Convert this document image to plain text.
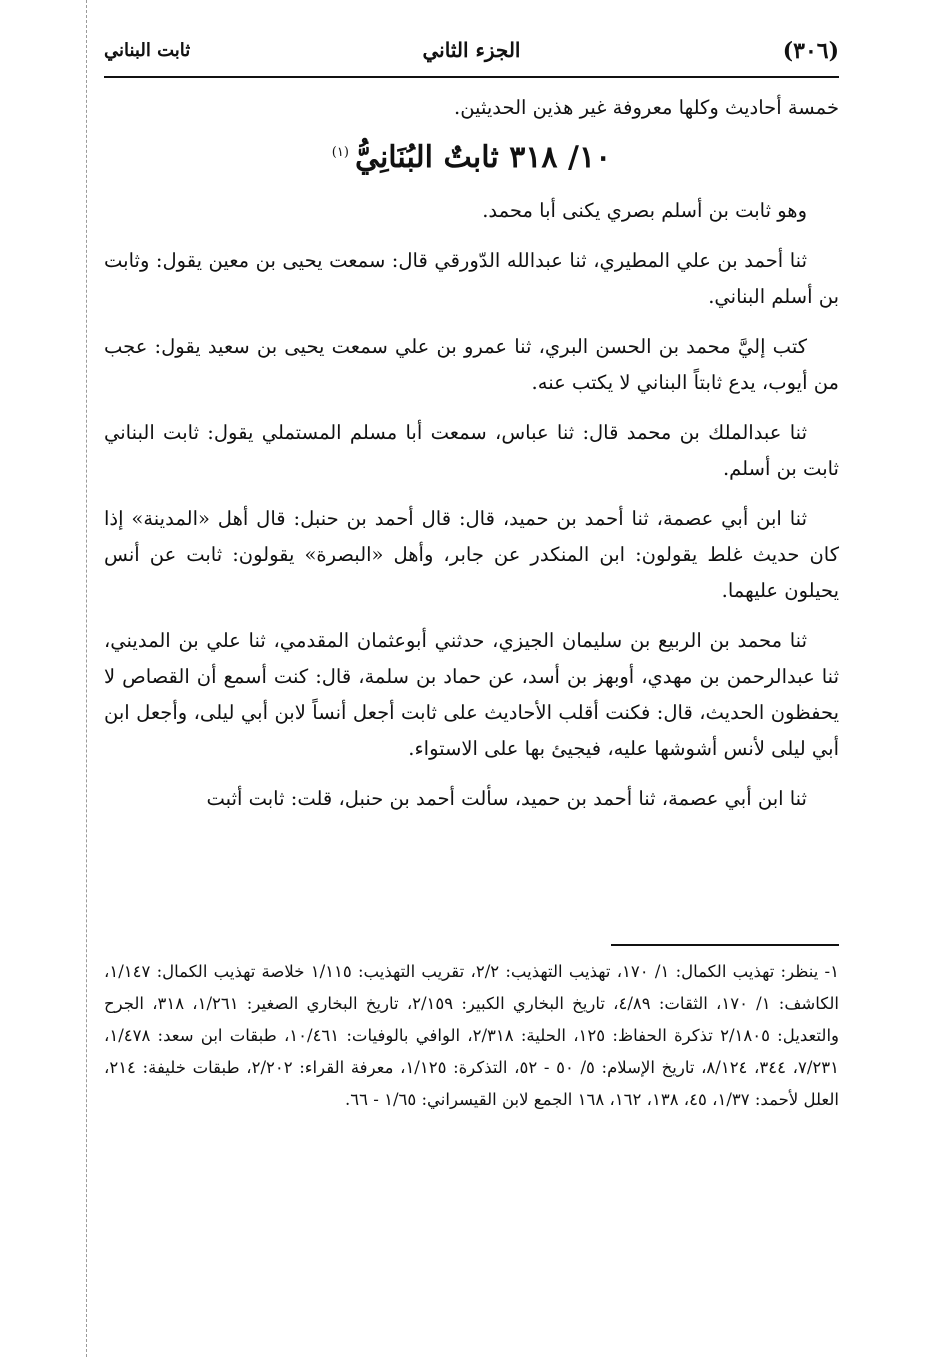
(٣٠٦)
الجزء الثاني
ثابت البناني

خمسة أحاديث وكلها معروفة غير هذين الحديثين.

١٠/ ٣١٨ ثابتٌ البُنَانِيُّ$^{(١)}$

وهو ثابت بن أسلم بصري يكنى أبا محمد.

ثنا أحمد بن علي المطيري، ثنا عبدالله الدّورقي قال: سمعت يحيى بن معين يقول: وثابت بن أسلم البناني.

كتب إليَّ محمد بن الحسن البري، ثنا عمرو بن علي سمعت يحيى بن سعيد يقول: عجب من أيوب، يدع ثابتاً البناني لا يكتب عنه.

ثنا عبدالملك بن محمد قال: ثنا عباس، سمعت أبا مسلم المستملي يقول: ثابت البناني ثابت بن أسلم.

ثنا ابن أبي عصمة، ثنا أحمد بن حميد، قال: قال أحمد بن حنبل: قال أهل «المدينة» إذا كان حديث غلط يقولون: ابن المنكدر عن جابر، وأهل «البصرة» يقولون: ثابت عن أنس يحيلون عليهما.

ثنا محمد بن الربيع بن سليمان الجيزي، حدثني أبوعثمان المقدمي، ثنا علي بن المديني، ثنا عبدالرحمن بن مهدي، أوبهز بن أسد، عن حماد بن سلمة، قال: كنت أسمع أن القصاص لا يحفظون الحديث، قال: فكنت أقلب الأحاديث على ثابت أجعل أنساً لابن أبي ليلى، وأجعل ابن أبي ليلى لأنس أشوشها عليه، فيجيئ بها على الاستواء.

ثنا ابن أبي عصمة، ثنا أحمد بن حميد، سألت أحمد بن حنبل، قلت: ثابت أثبت

١- ينظر: تهذيب الكمال: ١/ ١٧٠، تهذيب التهذيب: ٢/٢، تقريب التهذيب: ١/١١٥ خلاصة تهذيب الكمال: ١/١٤٧، الكاشف: ١/ ١٧٠، الثقات: ٤/٨٩، تاريخ البخاري الكبير: ٢/١٥٩، تاريخ البخاري الصغير: ١/٢٦١، ٣١٨، الجرح والتعديل: ٢/١٨٠٥ تذكرة الحفاظ: ١٢٥، الحلية: ٢/٣١٨، الوافي بالوفيات: ١٠/٤٦١، طبقات ابن سعد: ١/٤٧٨، ٧/٢٣١، ٣٤٤، ٨/١٢٤، تاريخ الإسلام: ٥/ ٥٠ - ٥٢، التذكرة: ١/١٢٥، معرفة القراء: ٢/٢٠٢، طبقات خليفة: ٢١٤، العلل لأحمد: ١/٣٧، ٤٥، ١٣٨، ١٦٢، ١٦٨ الجمع لابن القيسراني: ١/٦٥ - ٦٦.
